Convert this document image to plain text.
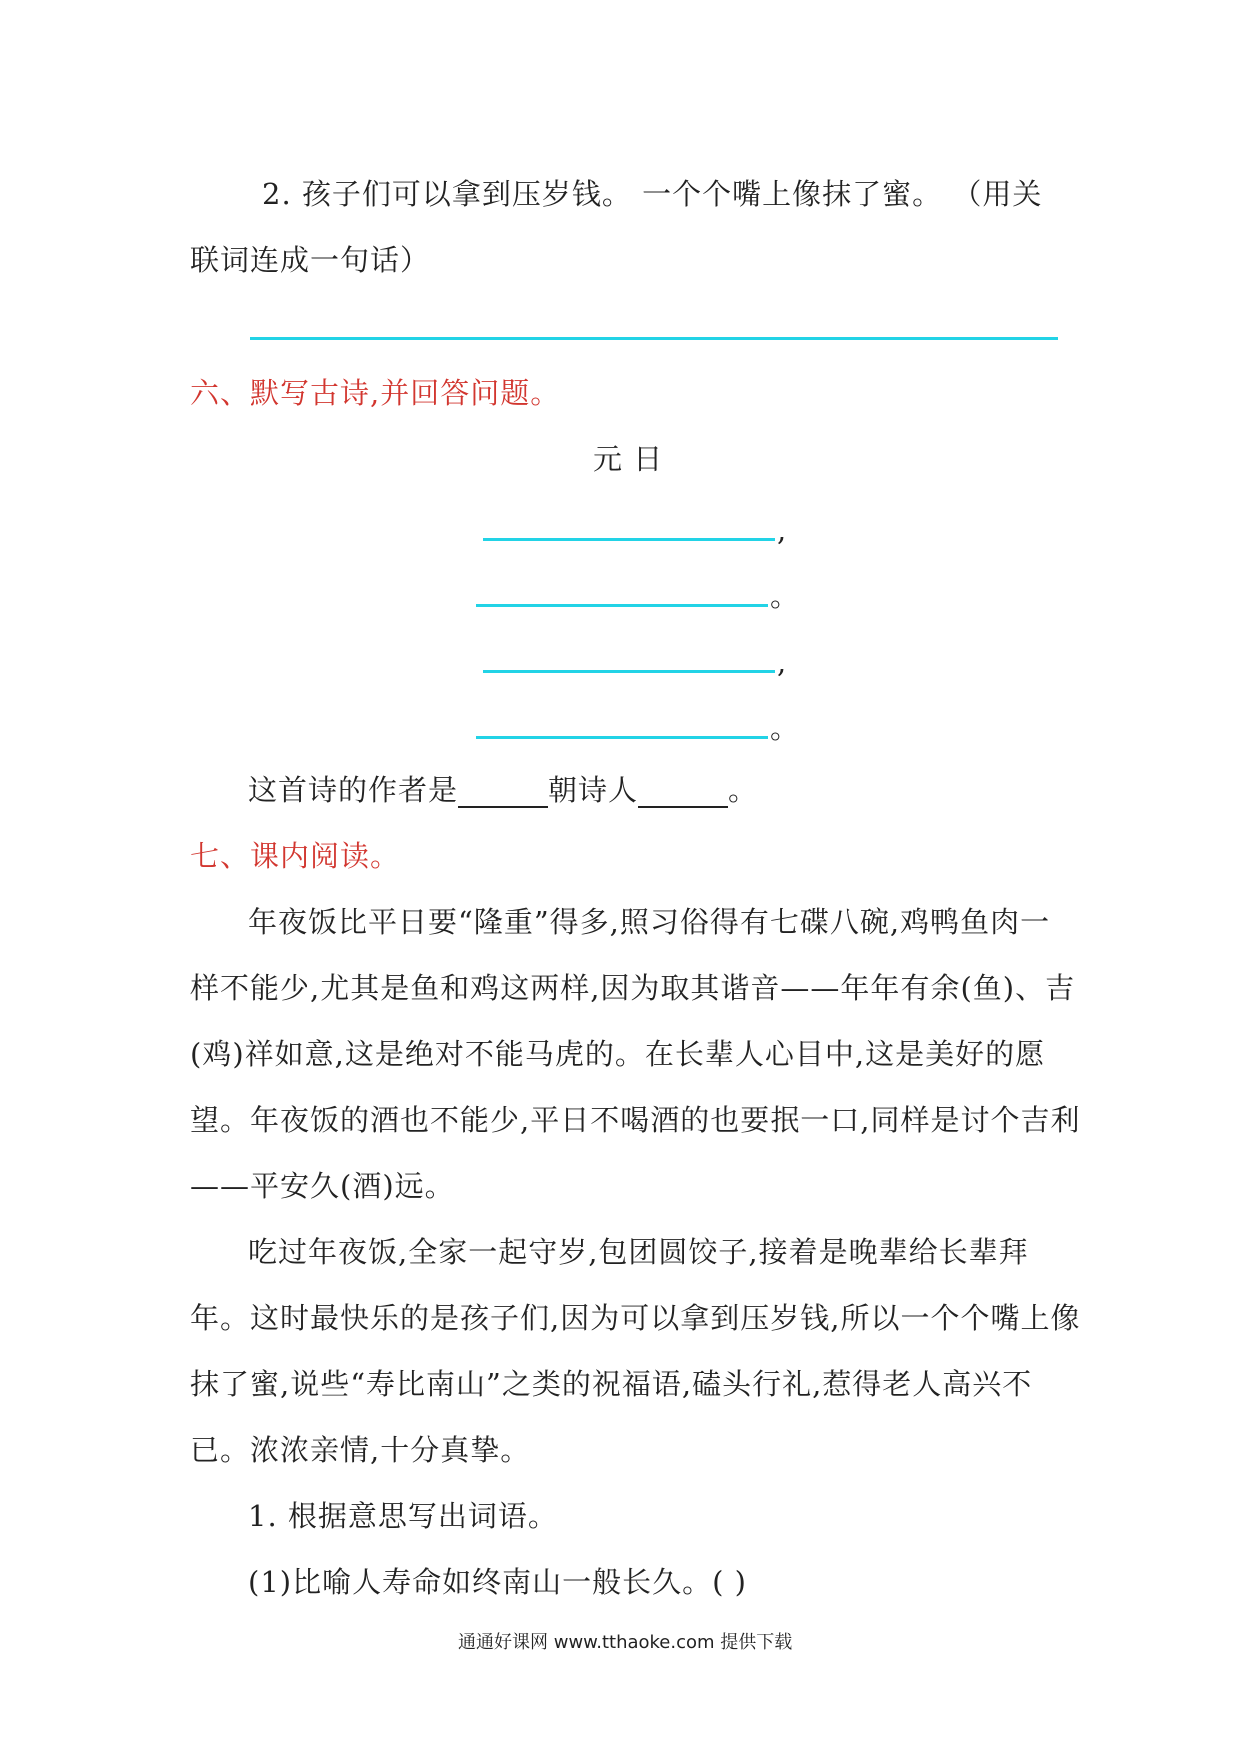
2. 孩子们可以拿到压岁钱。 一个个嘴上像抹了蜜。 （用关
联词连成一句话）
六、默写古诗,并回答问题。
元 日
,
。
,
。
这首诗的作者是	朝诗人	。
七、课内阅读。
年夜饭比平日要“隆重”得多,照习俗得有七碟八碗,鸡鸭鱼肉一
样不能少,尤其是鱼和鸡这两样,因为取其谐音——年年有余(鱼)、吉
(鸡)祥如意,这是绝对不能马虎的。在长辈人心目中,这是美好的愿
望。年夜饭的酒也不能少,平日不喝酒的也要抿一口,同样是讨个吉利
——平安久(酒)远。
吃过年夜饭,全家一起守岁,包团圆饺子,接着是晚辈给长辈拜
年。这时最快乐的是孩子们,因为可以拿到压岁钱,所以一个个嘴上像
抹了蜜,说些“寿比南山”之类的祝福语,磕头行礼,惹得老人高兴不
已。浓浓亲情,十分真挚。
1. 根据意思写出词语。
(1)比喻人寿命如终南山一般长久。( )
通通好课网 www.tthaoke.com 提供下载
